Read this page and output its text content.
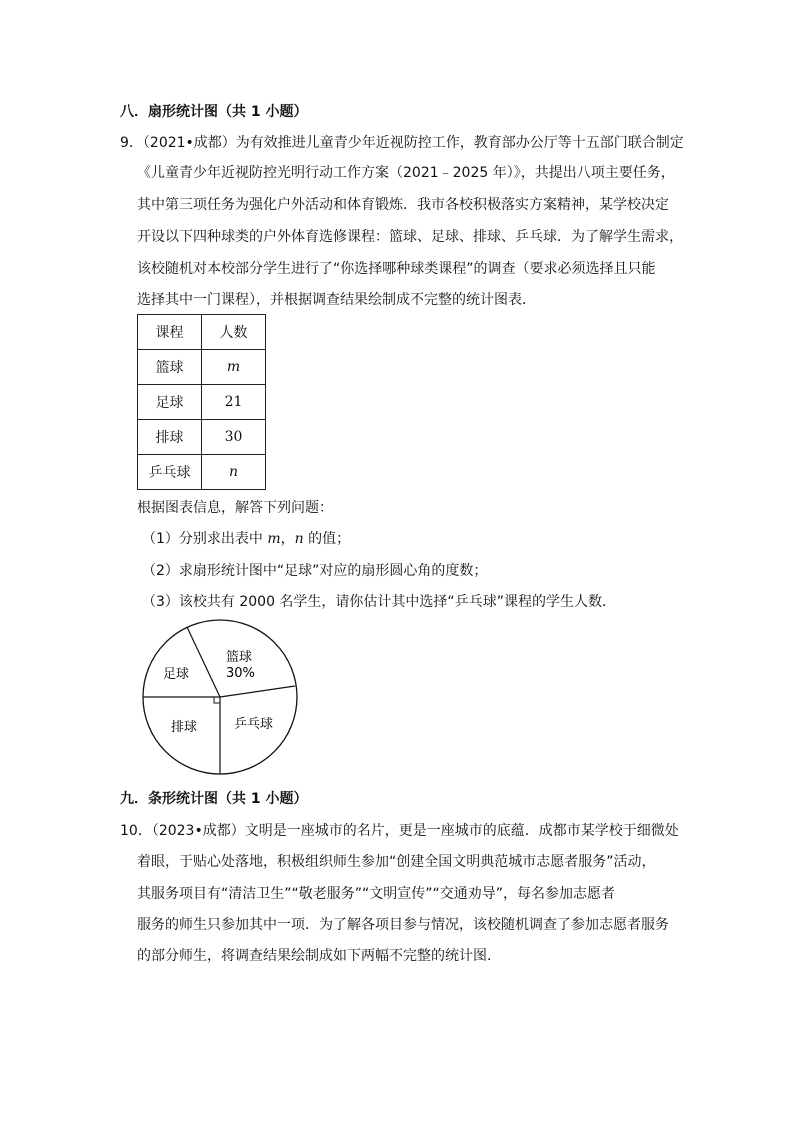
八．扇形统计图（共 1 小题）
9．（2021•成都）为有效推进儿童青少年近视防控工作，教育部办公厅等十五部门联合制定
《儿童青少年近视防控光明行动工作方案（2021﹣2025 年）》，共提出八项主要任务，
其中第三项任务为强化户外活动和体育锻炼．我市各校积极落实方案精神，某学校决定
开设以下四种球类的户外体育选修课程：篮球、足球、排球、乒乓球．为了解学生需求，
该校随机对本校部分学生进行了“你选择哪种球类课程”的调查（要求必须选择且只能
选择其中一门课程），并根据调查结果绘制成不完整的统计图表．
课程	人数
篮球	m
足球	21
排球	30
乒乓球	n
根据图表信息，解答下列问题：
（1）分别求出表中 m，n 的值；
（2）求扇形统计图中“足球”对应的扇形圆心角的度数；
（3）该校共有 2000 名学生，请你估计其中选择“乒乓球”课程的学生人数．
篮球
30%
足球
排球	乒乓球
九．条形统计图（共 1 小题）
10．（2023•成都）文明是一座城市的名片，更是一座城市的底蕴．成都市某学校于细微处
着眼，于贴心处落地，积极组织师生参加“创建全国文明典范城市志愿者服务”活动，
其服务项目有“清洁卫生”“敬老服务”“文明宣传”“交通劝导”，每名参加志愿者
服务的师生只参加其中一项．为了解各项目参与情况，该校随机调查了参加志愿者服务
的部分师生，将调查结果绘制成如下两幅不完整的统计图．
